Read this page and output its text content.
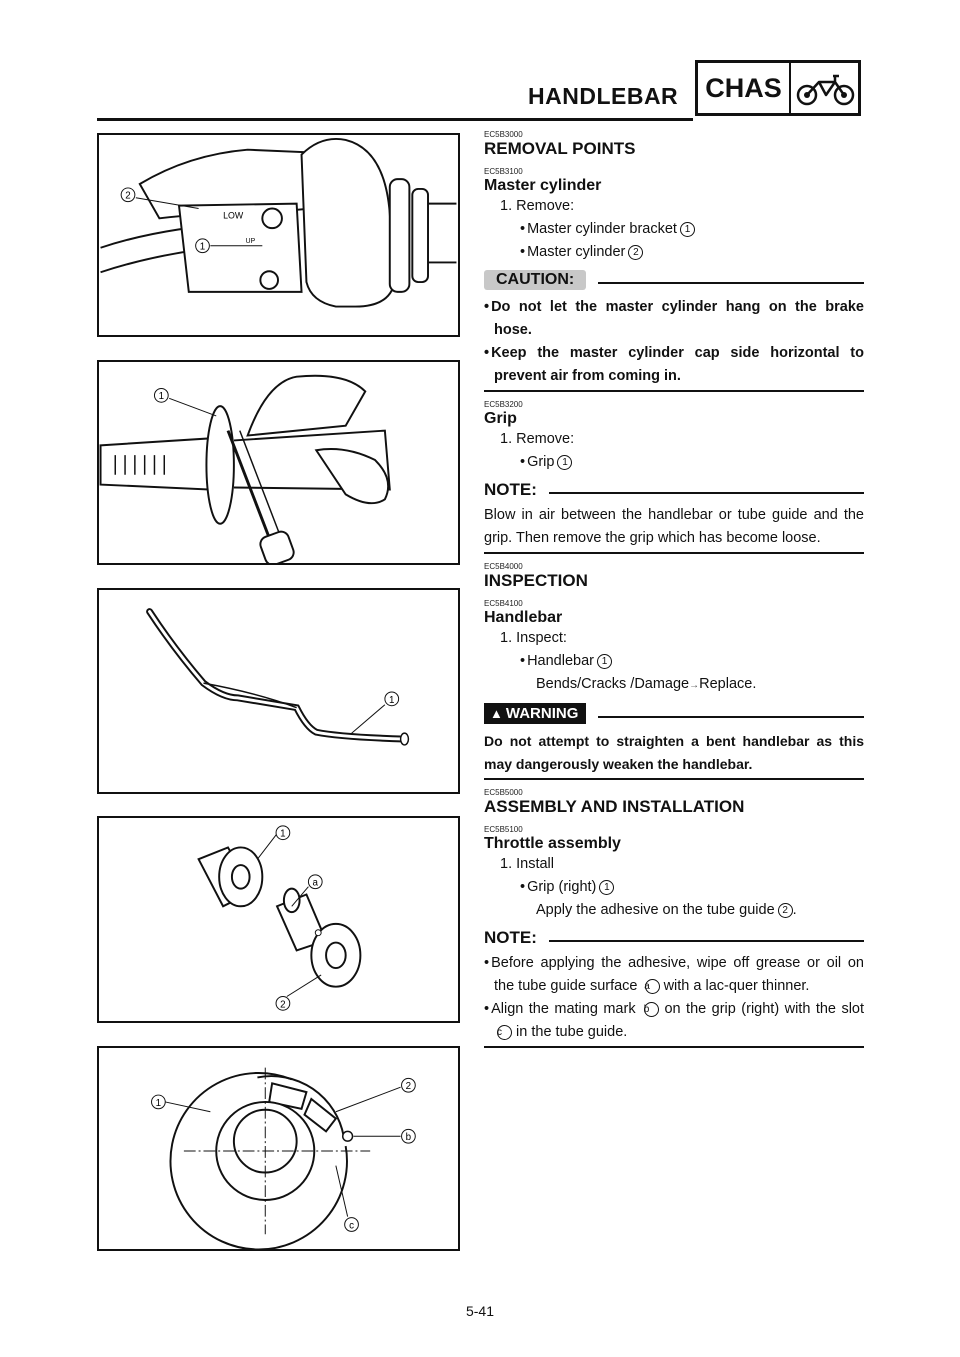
HANDLEBAR CHAS
LOW
UP
2
1
1
1
1
a
2
1
2
b
c
EC5B3000
REMOVAL POINTS
EC5B3100
Master cylinder
1. Remove:
• Master cylinder bracket 1
• Master cylinder 2
CAUTION:
• Do not let the master cylinder hang on the brake hose.
• Keep the master cylinder cap side horizontal to prevent air from coming in.
EC5B3200
Grip
1. Remove:
• Grip 1
NOTE:
Blow in air between the handlebar or tube guide and the grip. Then remove the grip which has become loose.
EC5B4000
INSPECTION
EC5B4100
Handlebar
1. Inspect:
• Handlebar 1
Bends/Cracks /Damage→Replace.
▲ WARNING
Do not attempt to straighten a bent handlebar as this may dangerously weaken the handlebar.
EC5B5000
ASSEMBLY AND INSTALLATION
EC5B5100
Throttle assembly
1. Install
• Grip (right) 1
Apply the adhesive on the tube guide 2 .
NOTE:
• Before applying the adhesive, wipe off grease or oil on the tube guide surface a with a lac-quer thinner.
• Align the mating mark b on the grip (right) with the slot c in the tube guide.
5-41
